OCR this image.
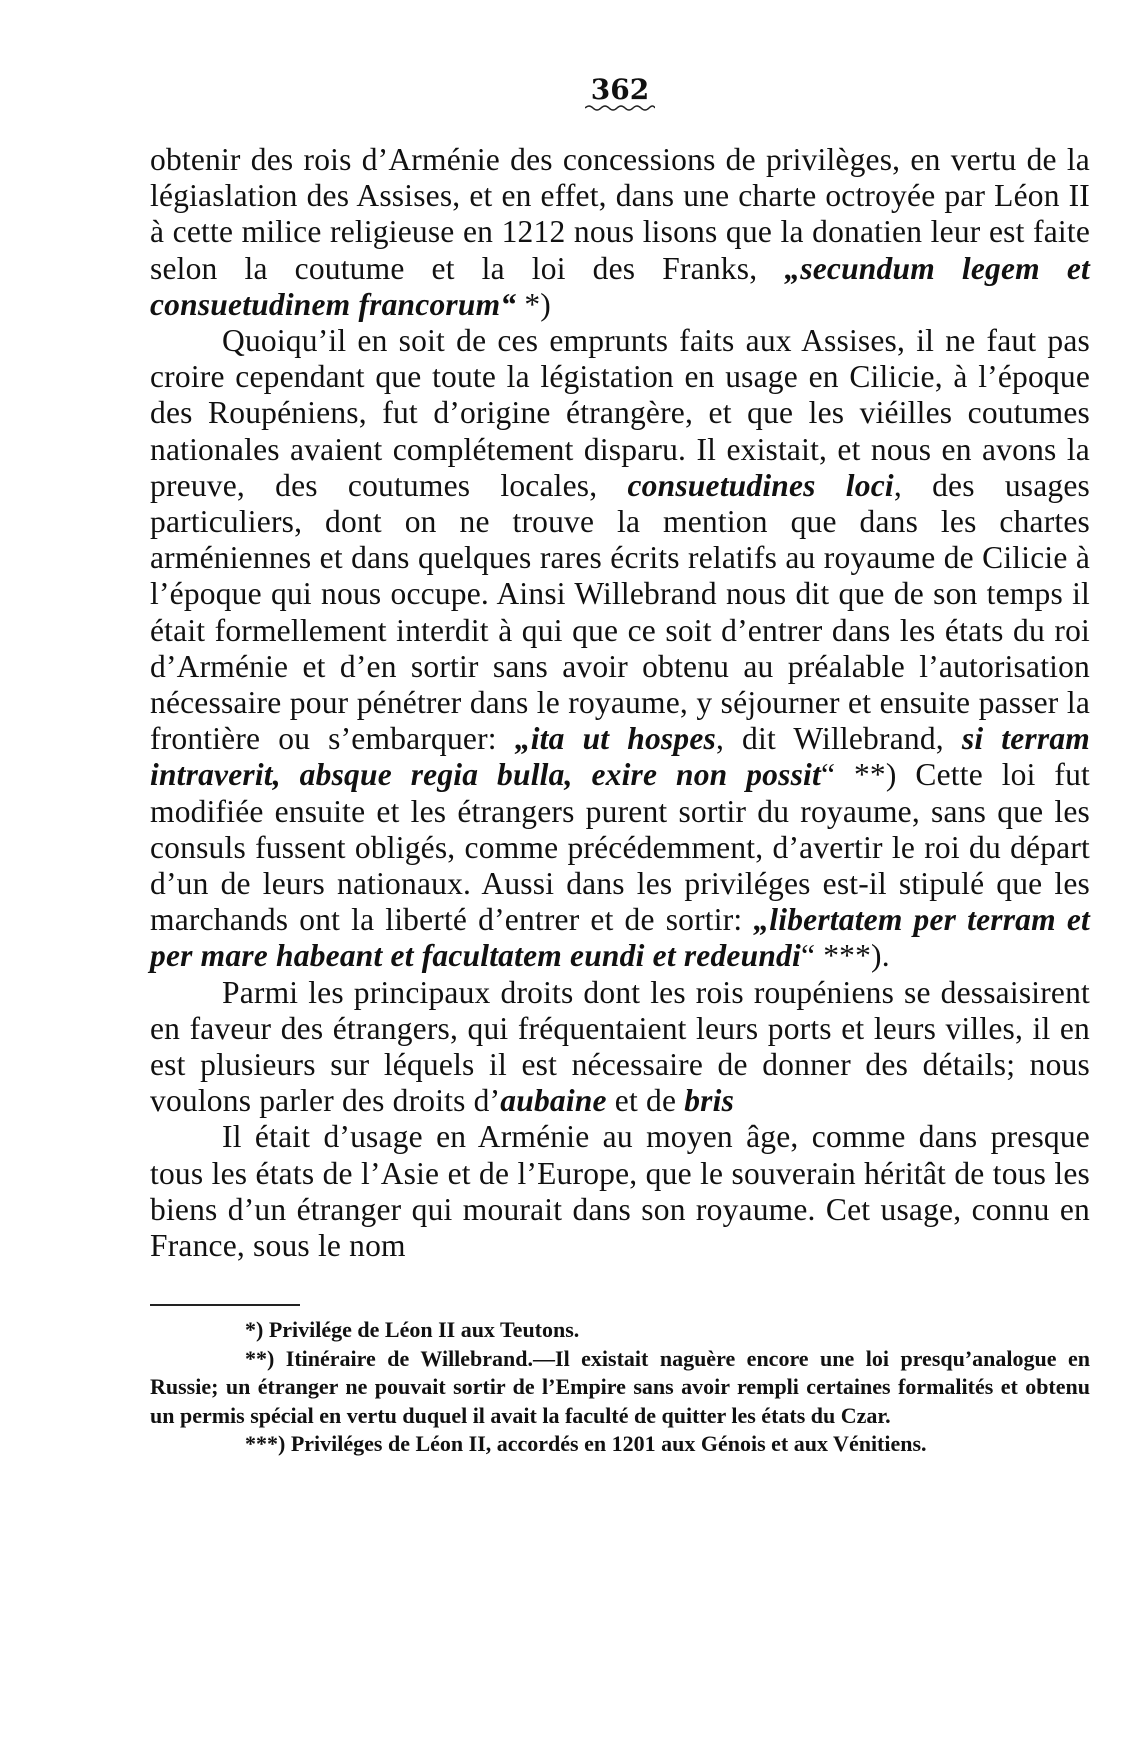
362

obtenir des rois d’Arménie des concessions de privilèges, en vertu de la légiaslation des Assises, et en effet, dans une charte octroyée par Léon II à cette milice religieuse en 1212 nous lisons que la donatien leur est faite selon la coutume et la loi des Franks, „secundum legem et consuetudinem francorum“ *)

Quoiqu’il en soit de ces emprunts faits aux Assises, il ne faut pas croire cependant que toute la légistation en usage en Cilicie, à l’époque des Roupéniens, fut d’origine étrangère, et que les viéilles coutumes nationales avaient complétement disparu. Il existait, et nous en avons la preuve, des coutumes locales, consuetudines loci, des usages particuliers, dont on ne trouve la mention que dans les chartes arméniennes et dans quelques rares écrits relatifs au royaume de Cilicie à l’époque qui nous occupe. Ainsi Willebrand nous dit que de son temps il était formellement interdit à qui que ce soit d’entrer dans les états du roi d’Arménie et d’en sortir sans avoir obtenu au préalable l’autorisation nécessaire pour pénétrer dans le royaume, y séjourner et ensuite passer la frontière ou s’embarquer: „ita ut hospes, dit Willebrand, si terram intraverit, absque regia bulla, exire non possit“ **) Cette loi fut modifiée ensuite et les étrangers purent sortir du royaume, sans que les consuls fussent obligés, comme précédemment, d’avertir le roi du départ d’un de leurs nationaux. Aussi dans les priviléges est-il stipulé que les marchands ont la liberté d’entrer et de sortir: „libertatem per terram et per mare habeant et facultatem eundi et redeundi“ ***).

Parmi les principaux droits dont les rois roupéniens se dessaisirent en faveur des étrangers, qui fréquentaient leurs ports et leurs villes, il en est plusieurs sur léquels il est nécessaire de donner des détails; nous voulons parler des droits d’aubaine et de bris

Il était d’usage en Arménie au moyen âge, comme dans presque tous les états de l’Asie et de l’Europe, que le souverain héritât de tous les biens d’un étranger qui mourait dans son royaume. Cet usage, connu en France, sous le nom

*) Privilége de Léon II aux Teutons.

**) Itinéraire de Willebrand.—Il existait naguère encore une loi presqu’analogue en Russie; un étranger ne pouvait sortir de l’Empire sans avoir rempli certaines formalités et obtenu un permis spécial en vertu duquel il avait la faculté de quitter les états du Czar.

***) Priviléges de Léon II, accordés en 1201 aux Génois et aux Vénitiens.
